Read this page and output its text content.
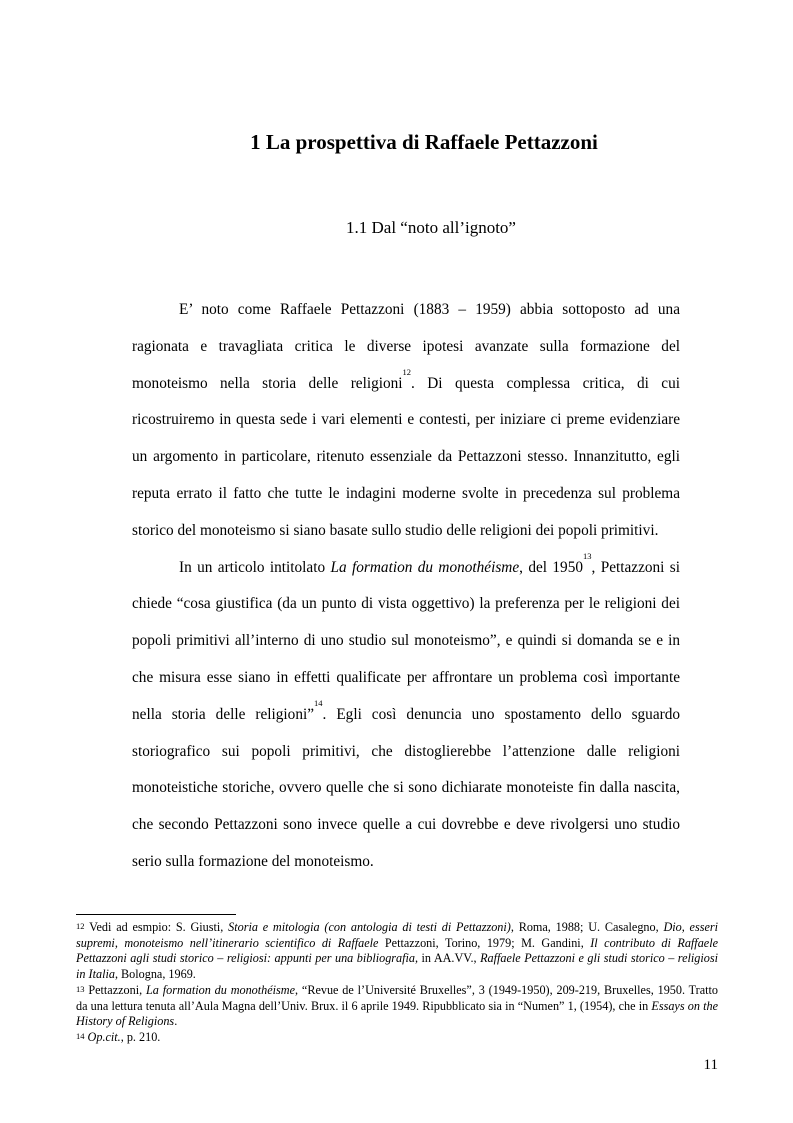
1 La prospettiva di Raffaele Pettazzoni
1.1 Dal “noto all’ignoto”

E’ noto come Raffaele Pettazzoni (1883 – 1959) abbia sottoposto ad una ragionata e travagliata critica le diverse ipotesi avanzate sulla formazione del monoteismo nella storia delle religioni$^{12}$. Di questa complessa critica, di cui ricostruiremo in questa sede i vari elementi e contesti, per iniziare ci preme evidenziare un argomento in particolare, ritenuto essenziale da Pettazzoni stesso. Innanzitutto, egli reputa errato il fatto che tutte le indagini moderne svolte in precedenza sul problema storico del monoteismo si siano basate sullo studio delle religioni dei popoli primitivi.

In un articolo intitolato La formation du monothéisme, del 1950$^{13}$, Pettazzoni si chiede “cosa giustifica (da un punto di vista oggettivo) la preferenza per le religioni dei popoli primitivi all’interno di uno studio sul monoteismo”, e quindi si domanda se e in che misura esse siano in effetti qualificate per affrontare un problema così importante nella storia delle religioni”$^{14}$. Egli così denuncia uno spostamento dello sguardo storiografico sui popoli primitivi, che distoglierebbe l’attenzione dalle religioni monoteistiche storiche, ovvero quelle che si sono dichiarate monoteiste fin dalla nascita, che secondo Pettazzoni sono invece quelle a cui dovrebbe e deve rivolgersi uno studio serio sulla formazione del monoteismo.

$^{12}$ Vedi ad esmpio: S. Giusti, Storia e mitologia (con antologia di testi di Pettazzoni), Roma, 1988; U. Casalegno, Dio, esseri supremi, monoteismo nell’itinerario scientifico di Raffaele Pettazzoni, Torino, 1979; M. Gandini, Il contributo di Raffaele Pettazzoni agli studi storico – religiosi: appunti per una bibliografia, in AA.VV., Raffaele Pettazzoni e gli studi storico – religiosi in Italia, Bologna, 1969.

$^{13}$ Pettazzoni, La formation du monothéisme, “Revue de l’Université Bruxelles”, 3 (1949-1950), 209-219, Bruxelles, 1950. Tratto da una lettura tenuta all’Aula Magna dell’Univ. Brux. il 6 aprile 1949. Ripubblicato sia in “Numen” 1, (1954), che in Essays on the History of Religions.

$^{14}$ Op.cit., p. 210.

11
